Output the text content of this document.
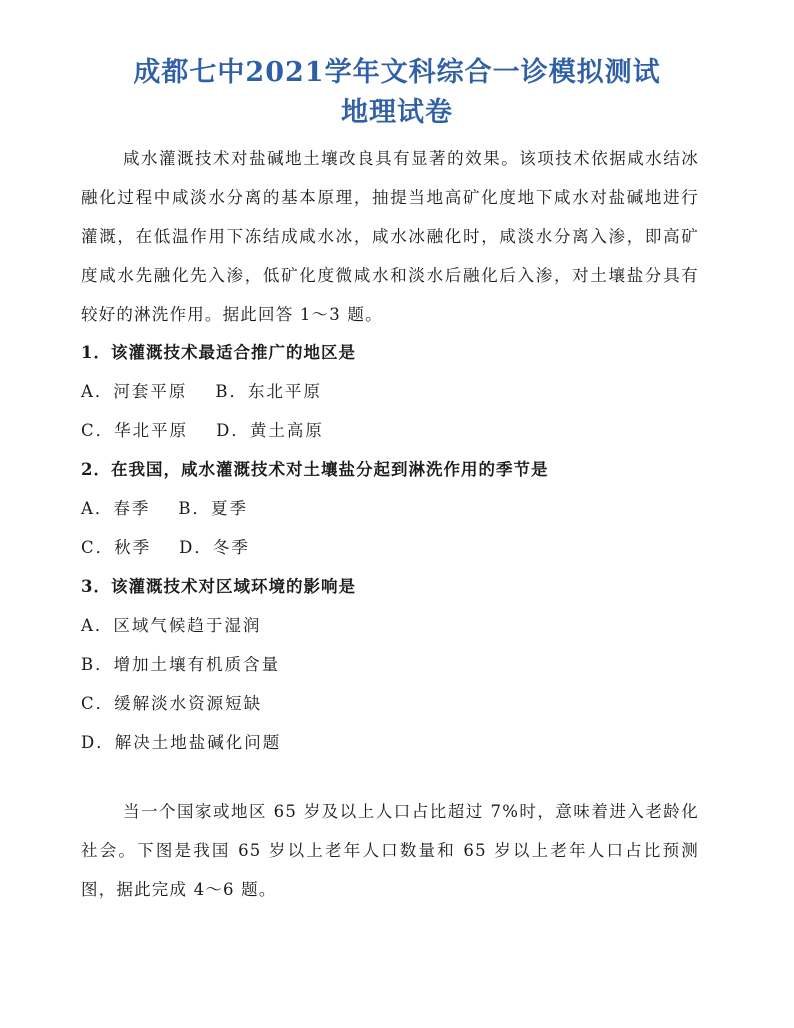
成都七中2021学年文科综合一诊模拟测试
地理试卷
咸水灌溉技术对盐碱地土壤改良具有显著的效果。该项技术依据咸水结冰融化过程中咸淡水分离的基本原理，抽提当地高矿化度地下咸水对盐碱地进行灌溉，在低温作用下冻结成咸水冰，咸水冰融化时，咸淡水分离入渗，即高矿度咸水先融化先入渗，低矿化度微咸水和淡水后融化后入渗，对土壤盐分具有较好的淋洗作用。据此回答 1～3 题。
1．该灌溉技术最适合推广的地区是
A．河套平原 B．东北平原
C．华北平原 D．黄土高原
2．在我国，咸水灌溉技术对土壤盐分起到淋洗作用的季节是
A．春季 B．夏季
C．秋季 D．冬季
3．该灌溉技术对区域环境的影响是
A．区域气候趋于湿润
B．增加土壤有机质含量
C．缓解淡水资源短缺
D．解决土地盐碱化问题
当一个国家或地区 65 岁及以上人口占比超过 7%时，意味着进入老龄化社会。下图是我国 65 岁以上老年人口数量和 65 岁以上老年人口占比预测图，据此完成 4～6 题。
